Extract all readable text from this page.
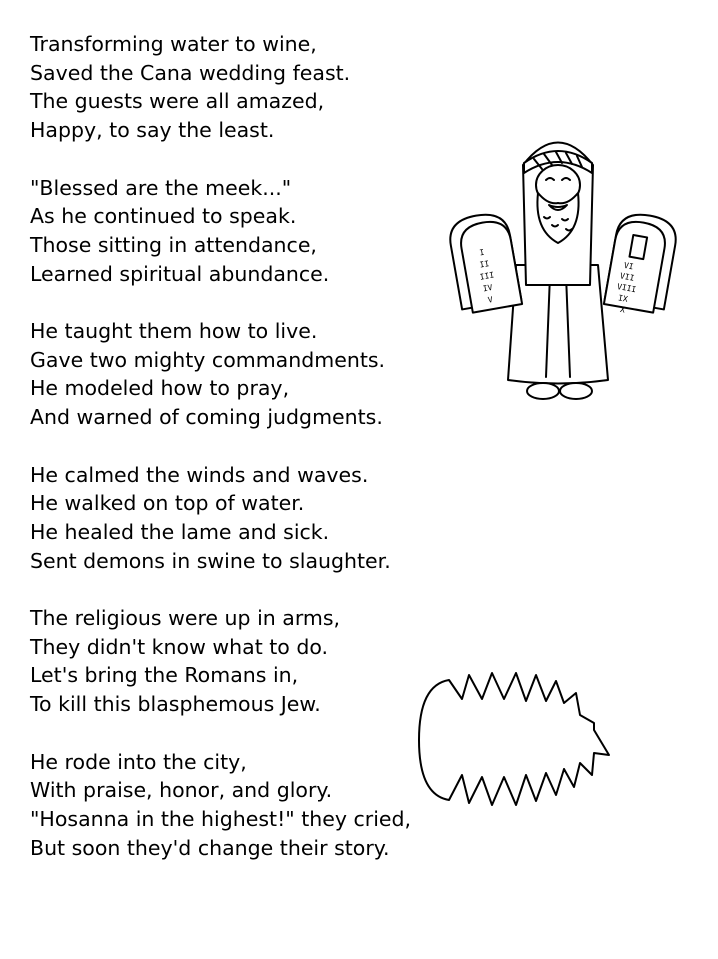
Transforming water to wine,
Saved the Cana wedding feast.
The guests were all amazed,
Happy, to say the least.
"Blessed are the meek..."
As he continued to speak.
Those sitting in attendance,
Learned spiritual abundance.
He taught them how to live.
Gave two mighty commandments.
He modeled how to pray,
And warned of coming judgments.
He calmed the winds and waves.
He walked on top of water.
He healed the lame and sick.
Sent demons in swine to slaughter.
The religious were up in arms,
They didn't know what to do.
Let's bring the Romans in,
To kill this blasphemous Jew.
He rode into the city,
With praise, honor, and glory.
"Hosanna in the highest!" they cried,
But soon they'd change their story.
I
II
III
IV
V
VI
VII
VIII
IX
X
